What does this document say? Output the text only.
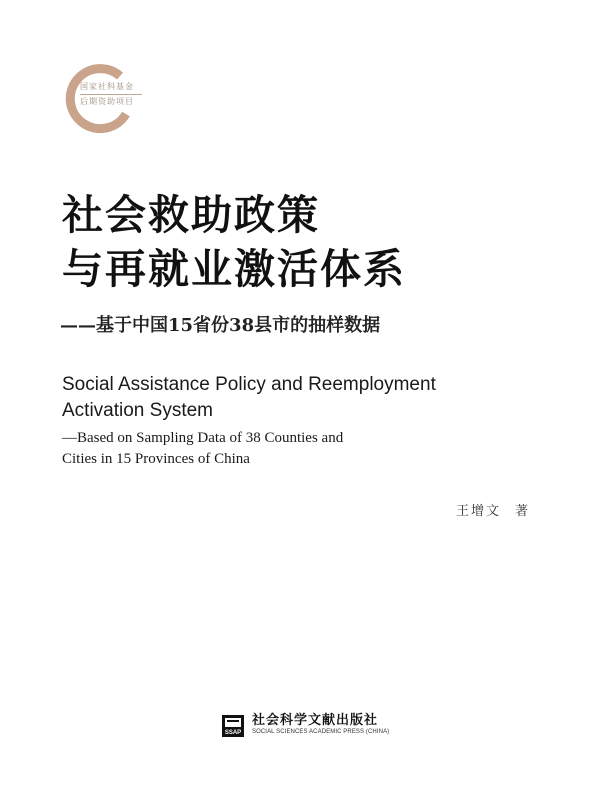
国家社科基金
后期资助项目
社会救助政策
与再就业激活体系
——基于中国15省份38县市的抽样数据
Social Assistance Policy and Reemployment
Activation System
—Based on Sampling Data of 38 Counties and
Cities in 15 Provinces of China
王增文 著
SSAP
社会科学文献出版社
SOCIAL SCIENCES ACADEMIC PRESS (CHINA)
